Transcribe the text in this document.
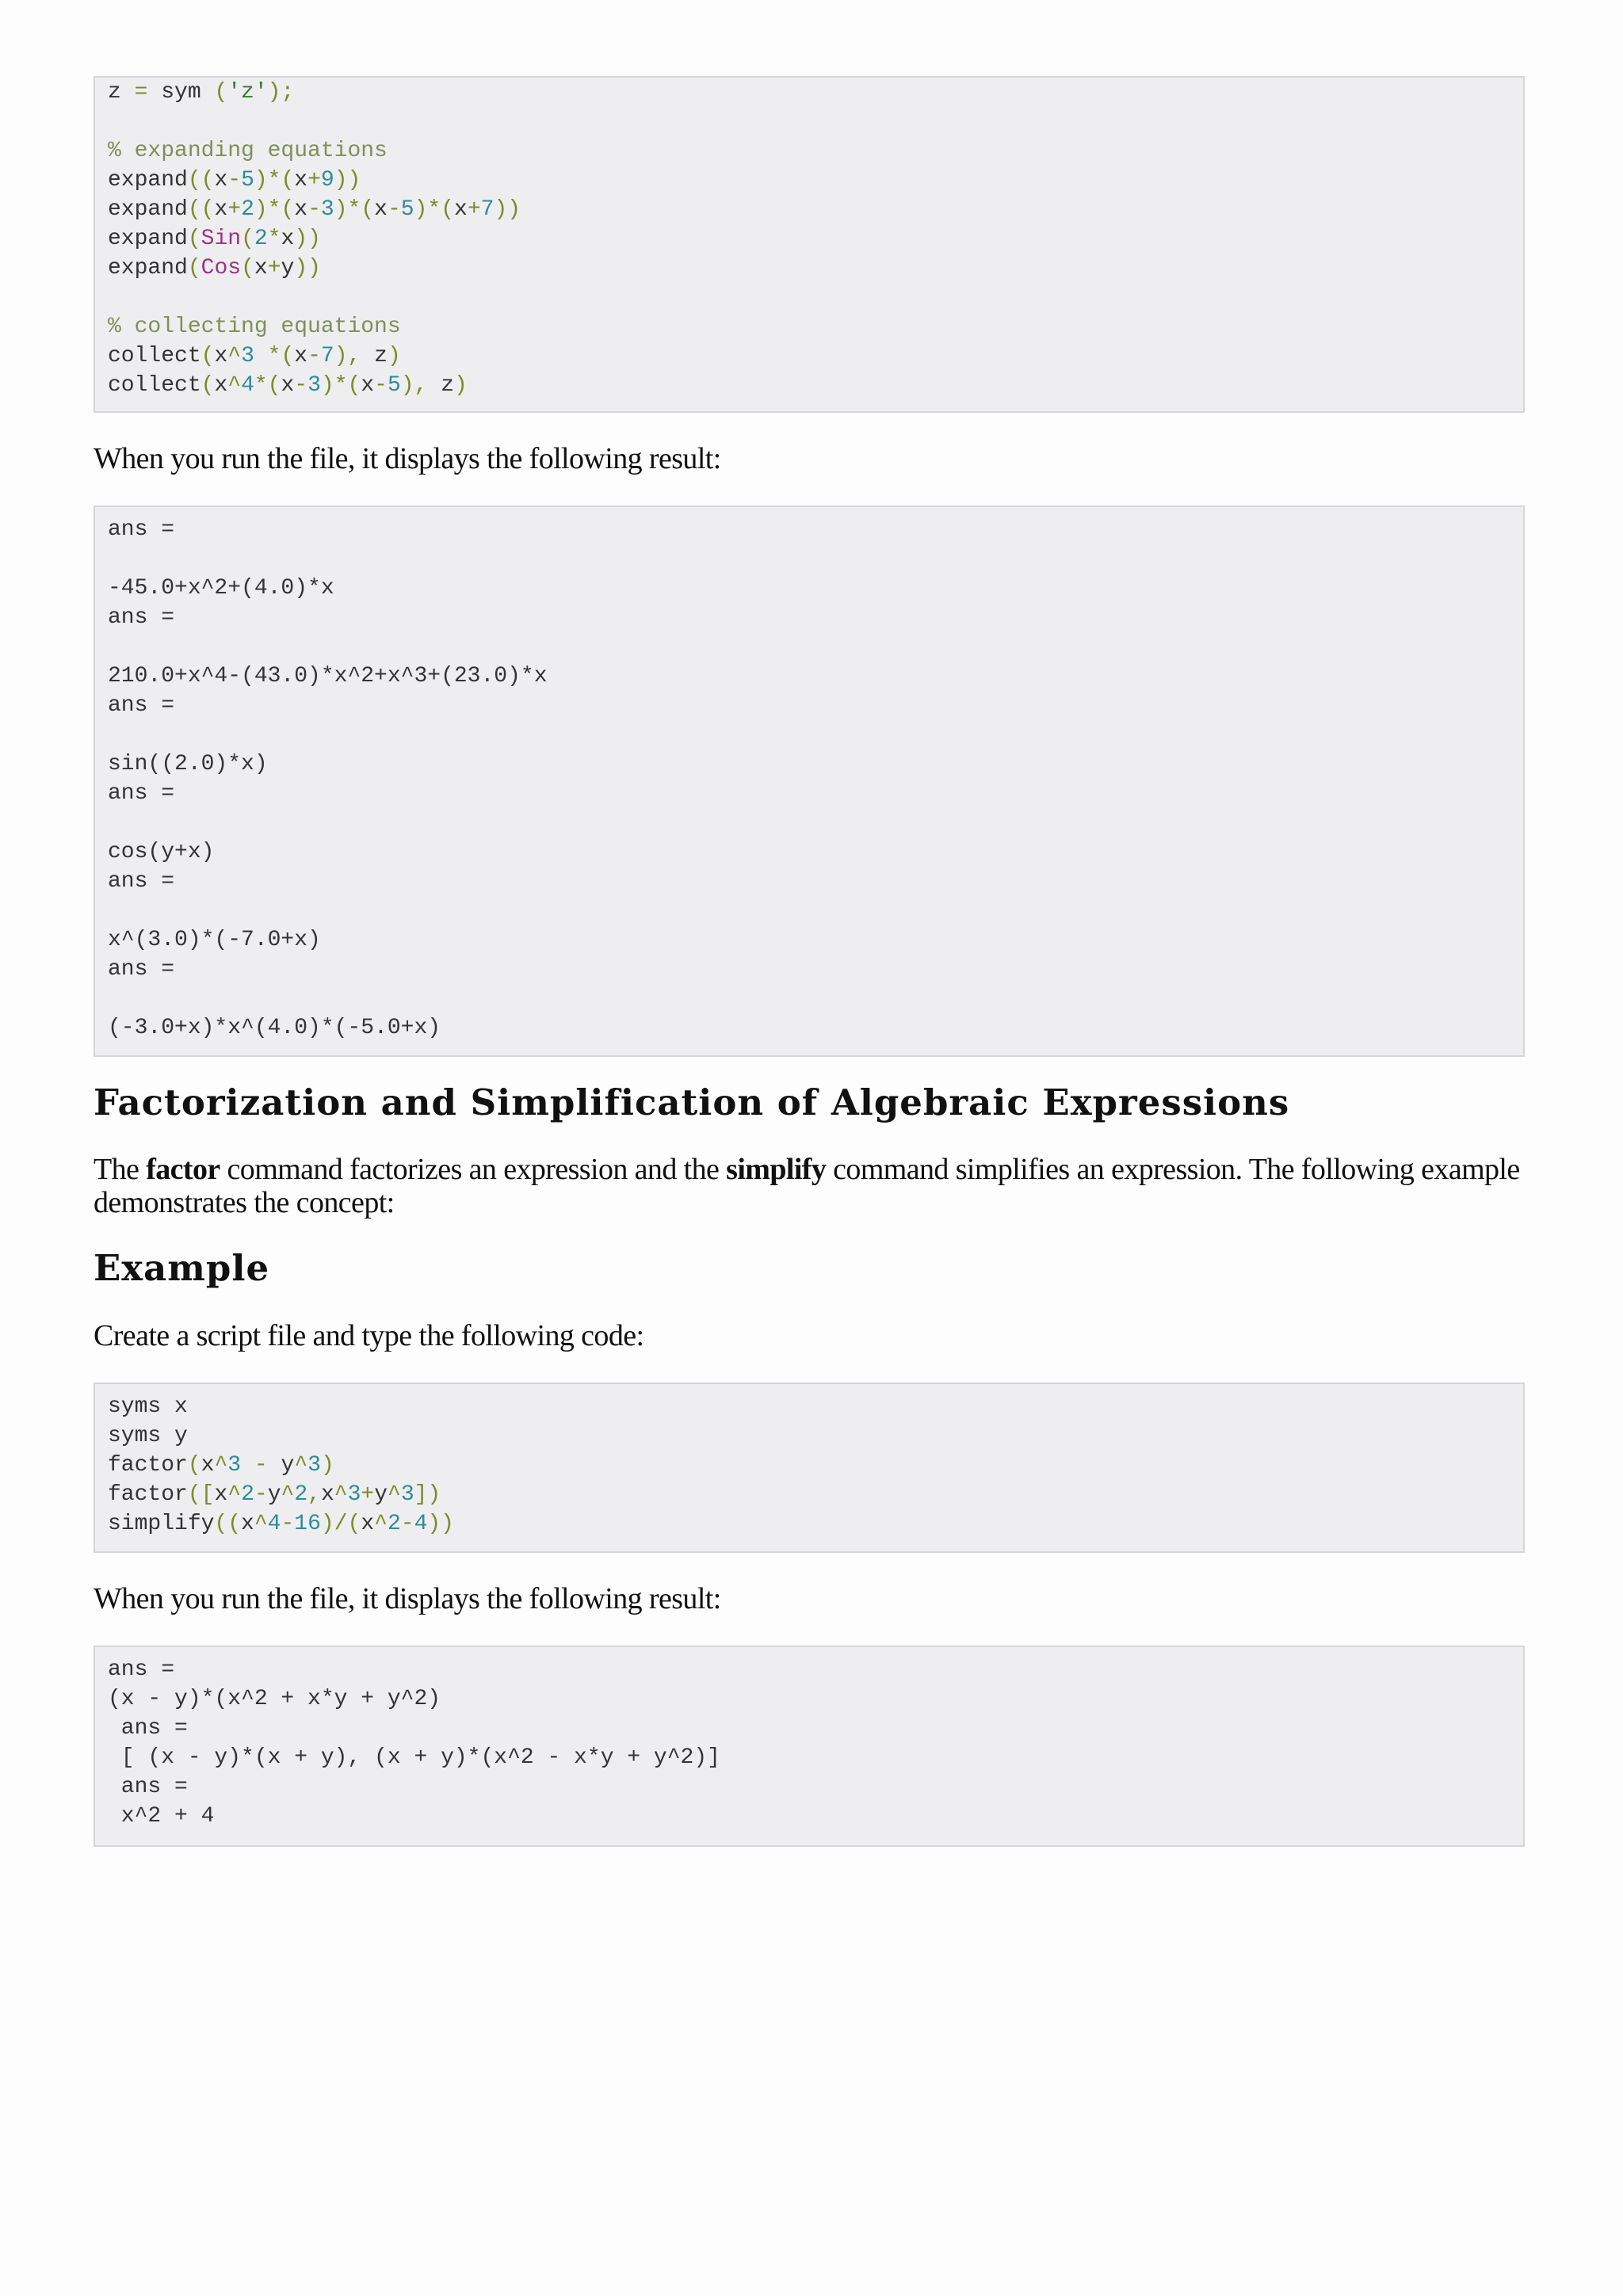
z = sym ('z');
% expanding equations
expand((x-5)*(x+9))
expand((x+2)*(x-3)*(x-5)*(x+7))
expand(Sin(2*x))
expand(Cos(x+y))
% collecting equations
collect(x^3 *(x-7), z)
collect(x^4*(x-3)*(x-5), z)

When you run the file, it displays the following result:

ans =
-45.0+x^2+(4.0)*x
ans =
210.0+x^4-(43.0)*x^2+x^3+(23.0)*x
ans =
sin((2.0)*x)
ans =
cos(y+x)
ans =
x^(3.0)*(-7.0+x)
ans =
(-3.0+x)*x^(4.0)*(-5.0+x)
Factorization and Simplification of Algebraic Expressions

The factor command factorizes an expression and the simplify command simplifies an expression. The following example demonstrates the concept:

Example

Create a script file and type the following code:

syms x
syms y
factor(x^3 - y^3)
factor([x^2-y^2,x^3+y^3])
simplify((x^4-16)/(x^2-4))

When you run the file, it displays the following result:

ans =
(x - y)*(x^2 + x*y + y^2)
ans =
[ (x - y)*(x + y), (x + y)*(x^2 - x*y + y^2)]
ans =
x^2 + 4
